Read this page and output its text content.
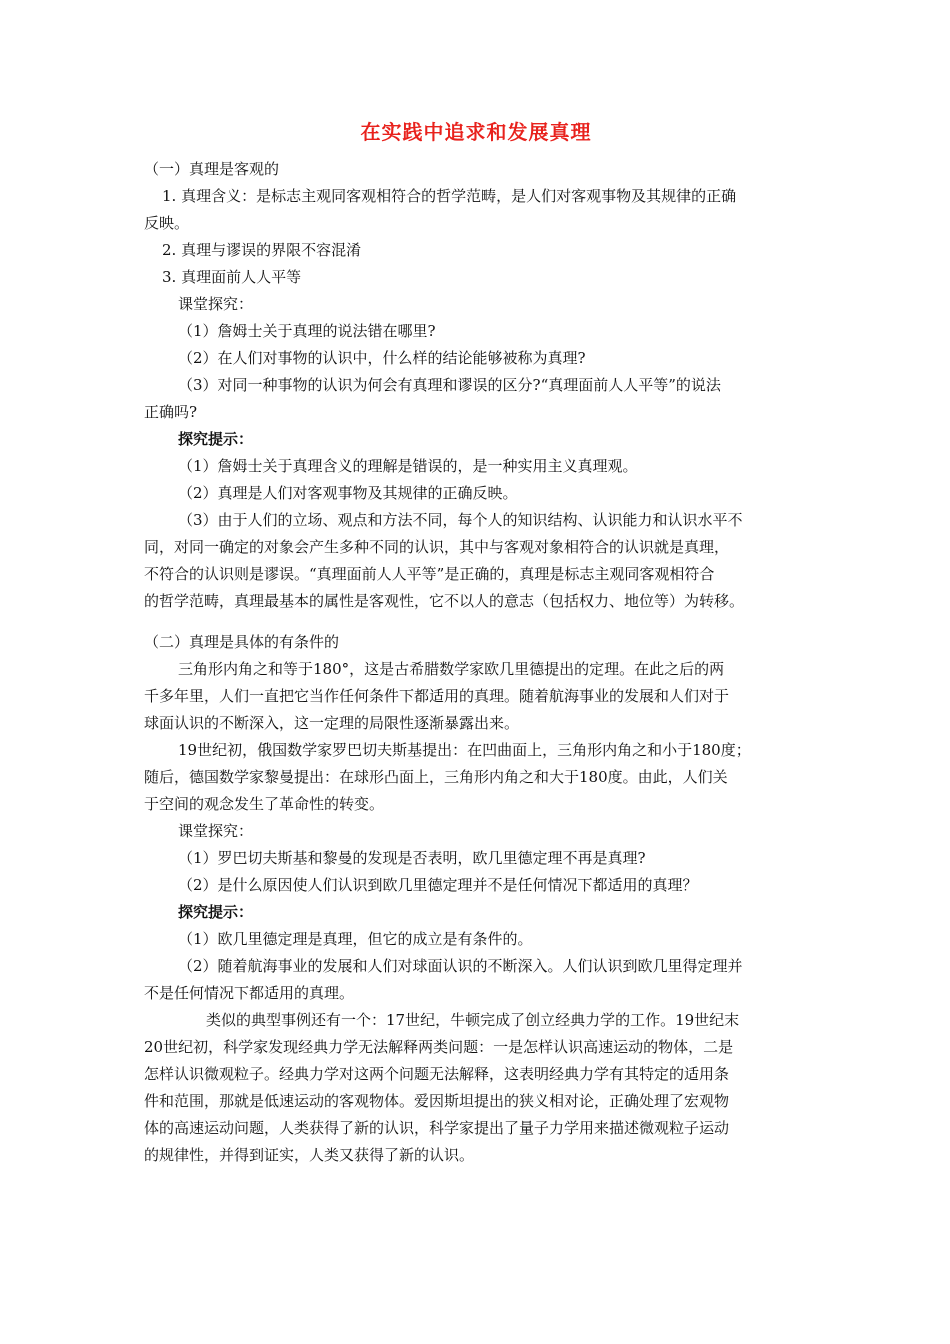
在实践中追求和发展真理
（一）真理是客观的
1. 真理含义：是标志主观同客观相符合的哲学范畴，是人们对客观事物及其规律的正确
反映。
2. 真理与谬误的界限不容混淆
3. 真理面前人人平等
课堂探究：
（1）詹姆士关于真理的说法错在哪里?
（2）在人们对事物的认识中，什么样的结论能够被称为真理?
（3）对同一种事物的认识为何会有真理和谬误的区分?“真理面前人人平等”的说法
正确吗?
探究提示：
（1）詹姆士关于真理含义的理解是错误的，是一种实用主义真理观。
（2）真理是人们对客观事物及其规律的正确反映。
（3）由于人们的立场、观点和方法不同，每个人的知识结构、认识能力和认识水平不
同，对同一确定的对象会产生多种不同的认识，其中与客观对象相符合的认识就是真理，
不符合的认识则是谬误。“真理面前人人平等”是正确的，真理是标志主观同客观相符合
的哲学范畴，真理最基本的属性是客观性，它不以人的意志（包括权力、地位等）为转移。
（二）真理是具体的有条件的
三角形内角之和等于180°，这是古希腊数学家欧几里德提出的定理。在此之后的两
千多年里，人们一直把它当作任何条件下都适用的真理。随着航海事业的发展和人们对于
球面认识的不断深入，这一定理的局限性逐渐暴露出来。
19世纪初，俄国数学家罗巴切夫斯基提出：在凹曲面上，三角形内角之和小于180度；
随后，德国数学家黎曼提出：在球形凸面上，三角形内角之和大于180度。由此，人们关
于空间的观念发生了革命性的转变。
课堂探究：
（1）罗巴切夫斯基和黎曼的发现是否表明，欧几里德定理不再是真理?
（2）是什么原因使人们认识到欧几里德定理并不是任何情况下都适用的真理？
探究提示：
（1）欧几里德定理是真理，但它的成立是有条件的。
（2）随着航海事业的发展和人们对球面认识的不断深入。人们认识到欧几里得定理并
不是任何情况下都适用的真理。
类似的典型事例还有一个：17世纪，牛顿完成了创立经典力学的工作。19世纪末
20世纪初，科学家发现经典力学无法解释两类问题：一是怎样认识高速运动的物体，二是
怎样认识微观粒子。经典力学对这两个问题无法解释，这表明经典力学有其特定的适用条
件和范围，那就是低速运动的客观物体。爱因斯坦提出的狭义相对论，正确处理了宏观物
体的高速运动问题，人类获得了新的认识，科学家提出了量子力学用来描述微观粒子运动
的规律性，并得到证实，人类又获得了新的认识。
